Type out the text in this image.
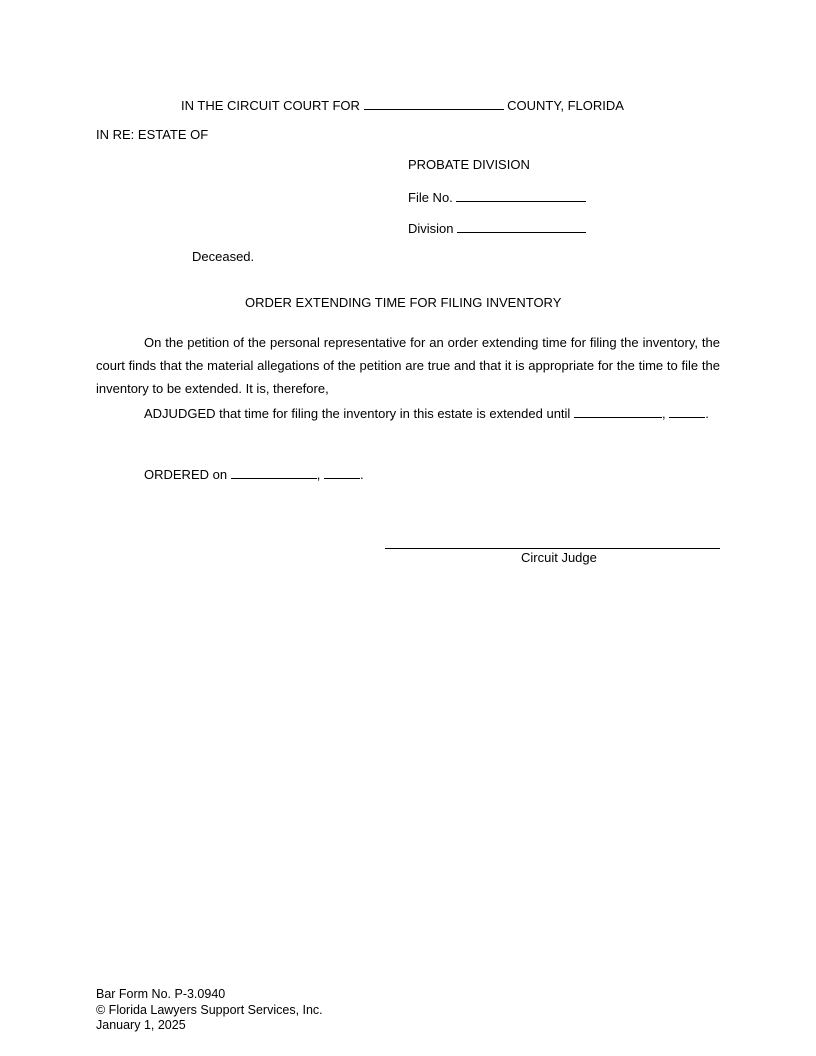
IN THE CIRCUIT COURT FOR	COUNTY, FLORIDA
IN RE: ESTATE OF
PROBATE DIVISION
File No.
Division
Deceased.
ORDER EXTENDING TIME FOR FILING INVENTORY
On the petition of the personal representative for an order extending time for filing the inventory, the court finds that the material allegations of the petition are true and that it is appropriate for the time to file the inventory to be extended. It is, therefore,
ADJUDGED that time for filing the inventory in this estate is extended until	,	.
ORDERED on	,	.
Circuit Judge
Bar Form No. P-3.0940
© Florida Lawyers Support Services, Inc.
January 1, 2025
